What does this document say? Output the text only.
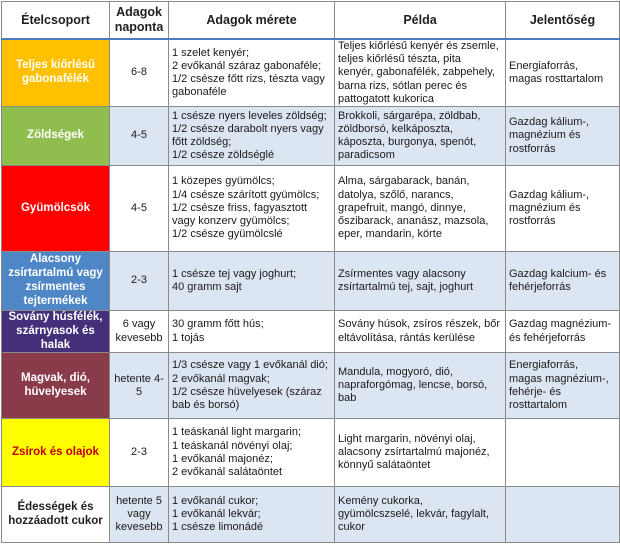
Ételcsoport	Adagok
naponta	Adagok mérete	Példa	Jelentőség
Teljes kiőrlésű gabonafélék	6-8	1 szelet kenyér;
2 evőkanál száraz gabonaféle;
1/2 csésze főtt rizs, tészta vagy gabonaféle	Teljes kiőrlésű kenyér és zsemle,
teljes kiőrlésű tészta, pita
kenyér, gabonafélék, zabpehely,
barna rizs, sótlan perec és
pattogatott kukorica	Energiaforrás,
magas rosttartalom

Zöldségek	4-5	1 csésze nyers leveles zöldség;
1/2 csésze darabolt nyers vagy főtt zöldség;
1/2 csésze zöldséglé	Brokkoli, sárgarépa, zöldbab,
zöldborsó, kelkáposzta,
káposzta, burgonya, spenót,
paradicsom	Gazdag kálium-,
magnézium és
rostforrás

Gyümölcsök	4-5	1 közepes gyümölcs;
1/4 csésze szárított gyümölcs;
1/2 csésze friss, fagyasztott vagy konzerv gyümölcs;
1/2 csésze gyümölcslé	Alma, sárgabarack, banán,
datolya, szőlő, narancs,
grapefruit, mangó, dinnye,
őszibarack, ananász, mazsola,
eper, mandarin, körte	Gazdag kálium-,
magnézium és
rostforrás

Alacsony zsírtartalmú vagy zsírmentes tejtermékek	2-3	1 csésze tej vagy joghurt;
40 gramm sajt	Zsírmentes vagy alacsony
zsírtartalmú tej, sajt, joghurt	Gazdag kalcium- és
fehérjeforrás

Sovány húsfélék, szárnyasok és halak	6 vagy kevesebb	30 gramm főtt hús;
1 tojás	Sovány húsok, zsíros részek, bőr
eltávolítása, rántás kerülése	Gazdag magnézium-
és fehérjeforrás

Magvak, dió, hüvelyesek	hetente 4-5	1/3 csésze vagy 1 evőkanál dió;
2 evőkanál magvak;
1/2 csésze hüvelyesek (száraz bab és borsó)	Mandula, mogyoró, dió,
napraforgómag, lencse, borsó,
bab	Energiaforrás,
magas magnézium-,
fehérje- és
rosttartalom

Zsírok és olajok	2-3	1 teáskanál light margarin;
1 teáskanál növényi olaj;
1 evőkanál majonéz;
2 evőkanál salátaöntet	Light margarin, növényi olaj,
alacsony zsírtartalmú majonéz,
könnyű salátaöntet	

Édességek és hozzáadott cukor	hetente 5 vagy kevesebb	1 evőkanál cukor;
1 evőkanál lekvár;
1 csésze limonádé	Kemény cukorka,
gyümölcszselé, lekvár, fagylalt,
cukor	
